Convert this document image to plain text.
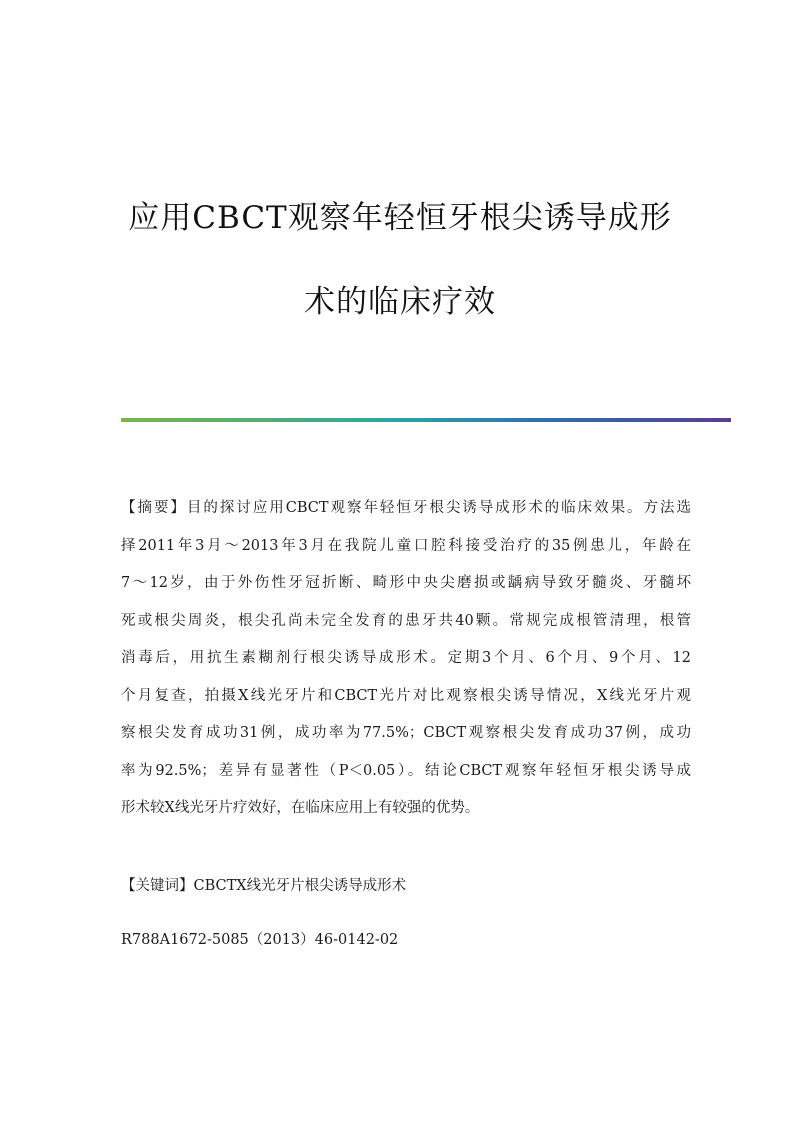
应用CBCT观察年轻恒牙根尖诱导成形
术的临床疗效
【摘要】目的探讨应用CBCT观察年轻恒牙根尖诱导成形术的临床效果。方法选
择2011年3月～2013年3月在我院儿童口腔科接受治疗的35例患儿，年龄在
7～12岁，由于外伤性牙冠折断、畸形中央尖磨损或龋病导致牙髓炎、牙髓坏
死或根尖周炎，根尖孔尚未完全发育的患牙共40颗。常规完成根管清理，根管
消毒后，用抗生素糊剂行根尖诱导成形术。定期3个月、6个月、9个月、12
个月复查，拍摄X线光牙片和CBCT光片对比观察根尖诱导情况，X线光牙片观
察根尖发育成功31例，成功率为77.5%；CBCT观察根尖发育成功37例，成功
率为92.5%；差异有显著性（P＜0.05）。结论CBCT观察年轻恒牙根尖诱导成
形术较X线光牙片疗效好，在临床应用上有较强的优势。
【关键词】CBCTX线光牙片根尖诱导成形术
R788A1672-5085（2013）46-0142-02
